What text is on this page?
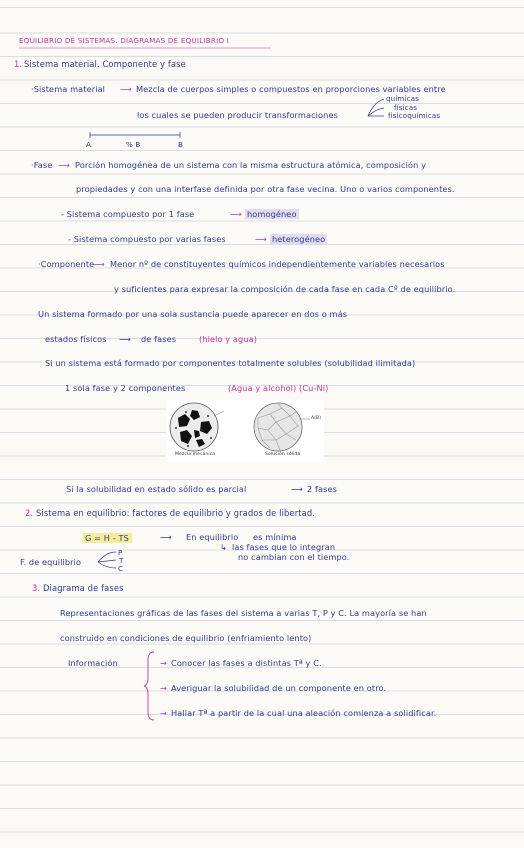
EQUILIBRIO DE SISTEMAS. DIAGRAMAS DE EQUILIBRIO I
1. Sistema material. Componente y fase
·Sistema material ⟶ Mezcla de cuerpos simples o compuestos en proporciones variables entre
los cuales se pueden producir transformaciones
químicas
físicas
fisicoquímicas
A	% B	B
·Fase ⟶ Porción homogénea de un sistema con la misma estructura atómica, composición y
propiedades y con una interfase definida por otra fase vecina. Uno o varios componentes.
- Sistema compuesto por 1 fase	⟶ homogéneo
- Sistema compuesto por varias fases	⟶ heterogéneo
·Componente
⟶ Menor nº de constituyentes químicos independientemente variables necesarios
y suficientes para expresar la composición de cada fase en cada Cº de equilibrio.
Un sistema formado por una sola sustancia puede aparecer en dos o más
estados físicos ⟶ de fases	(hielo y agua)
Si un sistema está formado por componentes totalmente solubles (solubilidad ilimitada)
1 sola fase y 2 componentes	(Agua y alcohol) (Cu-Ni)
Mezcla mecánica	Solución sólida
A(B)
Si la solubilidad en estado sólido es parcial	⟶ 2 fases
2. Sistema en equilibrio: factores de equilibrio y grados de libertad.
G = H - TS	⟶ En equilibrio es mínima
↳ las fases que lo integran
no cambian con el tiempo.
F. de equilibrio
P
T
C
3. Diagrama de fases
Representaciones gráficas de las fases del sistema a varias T, P y C. La mayoría se han
construido en condiciones de equilibrio (enfriamiento lento)
Información	→ Conocer las fases a distintas Tª y C.
→ Averiguar la solubilidad de un componente en otro.
→ Hallar Tª a partir de la cual una aleación comienza a solidificar.
